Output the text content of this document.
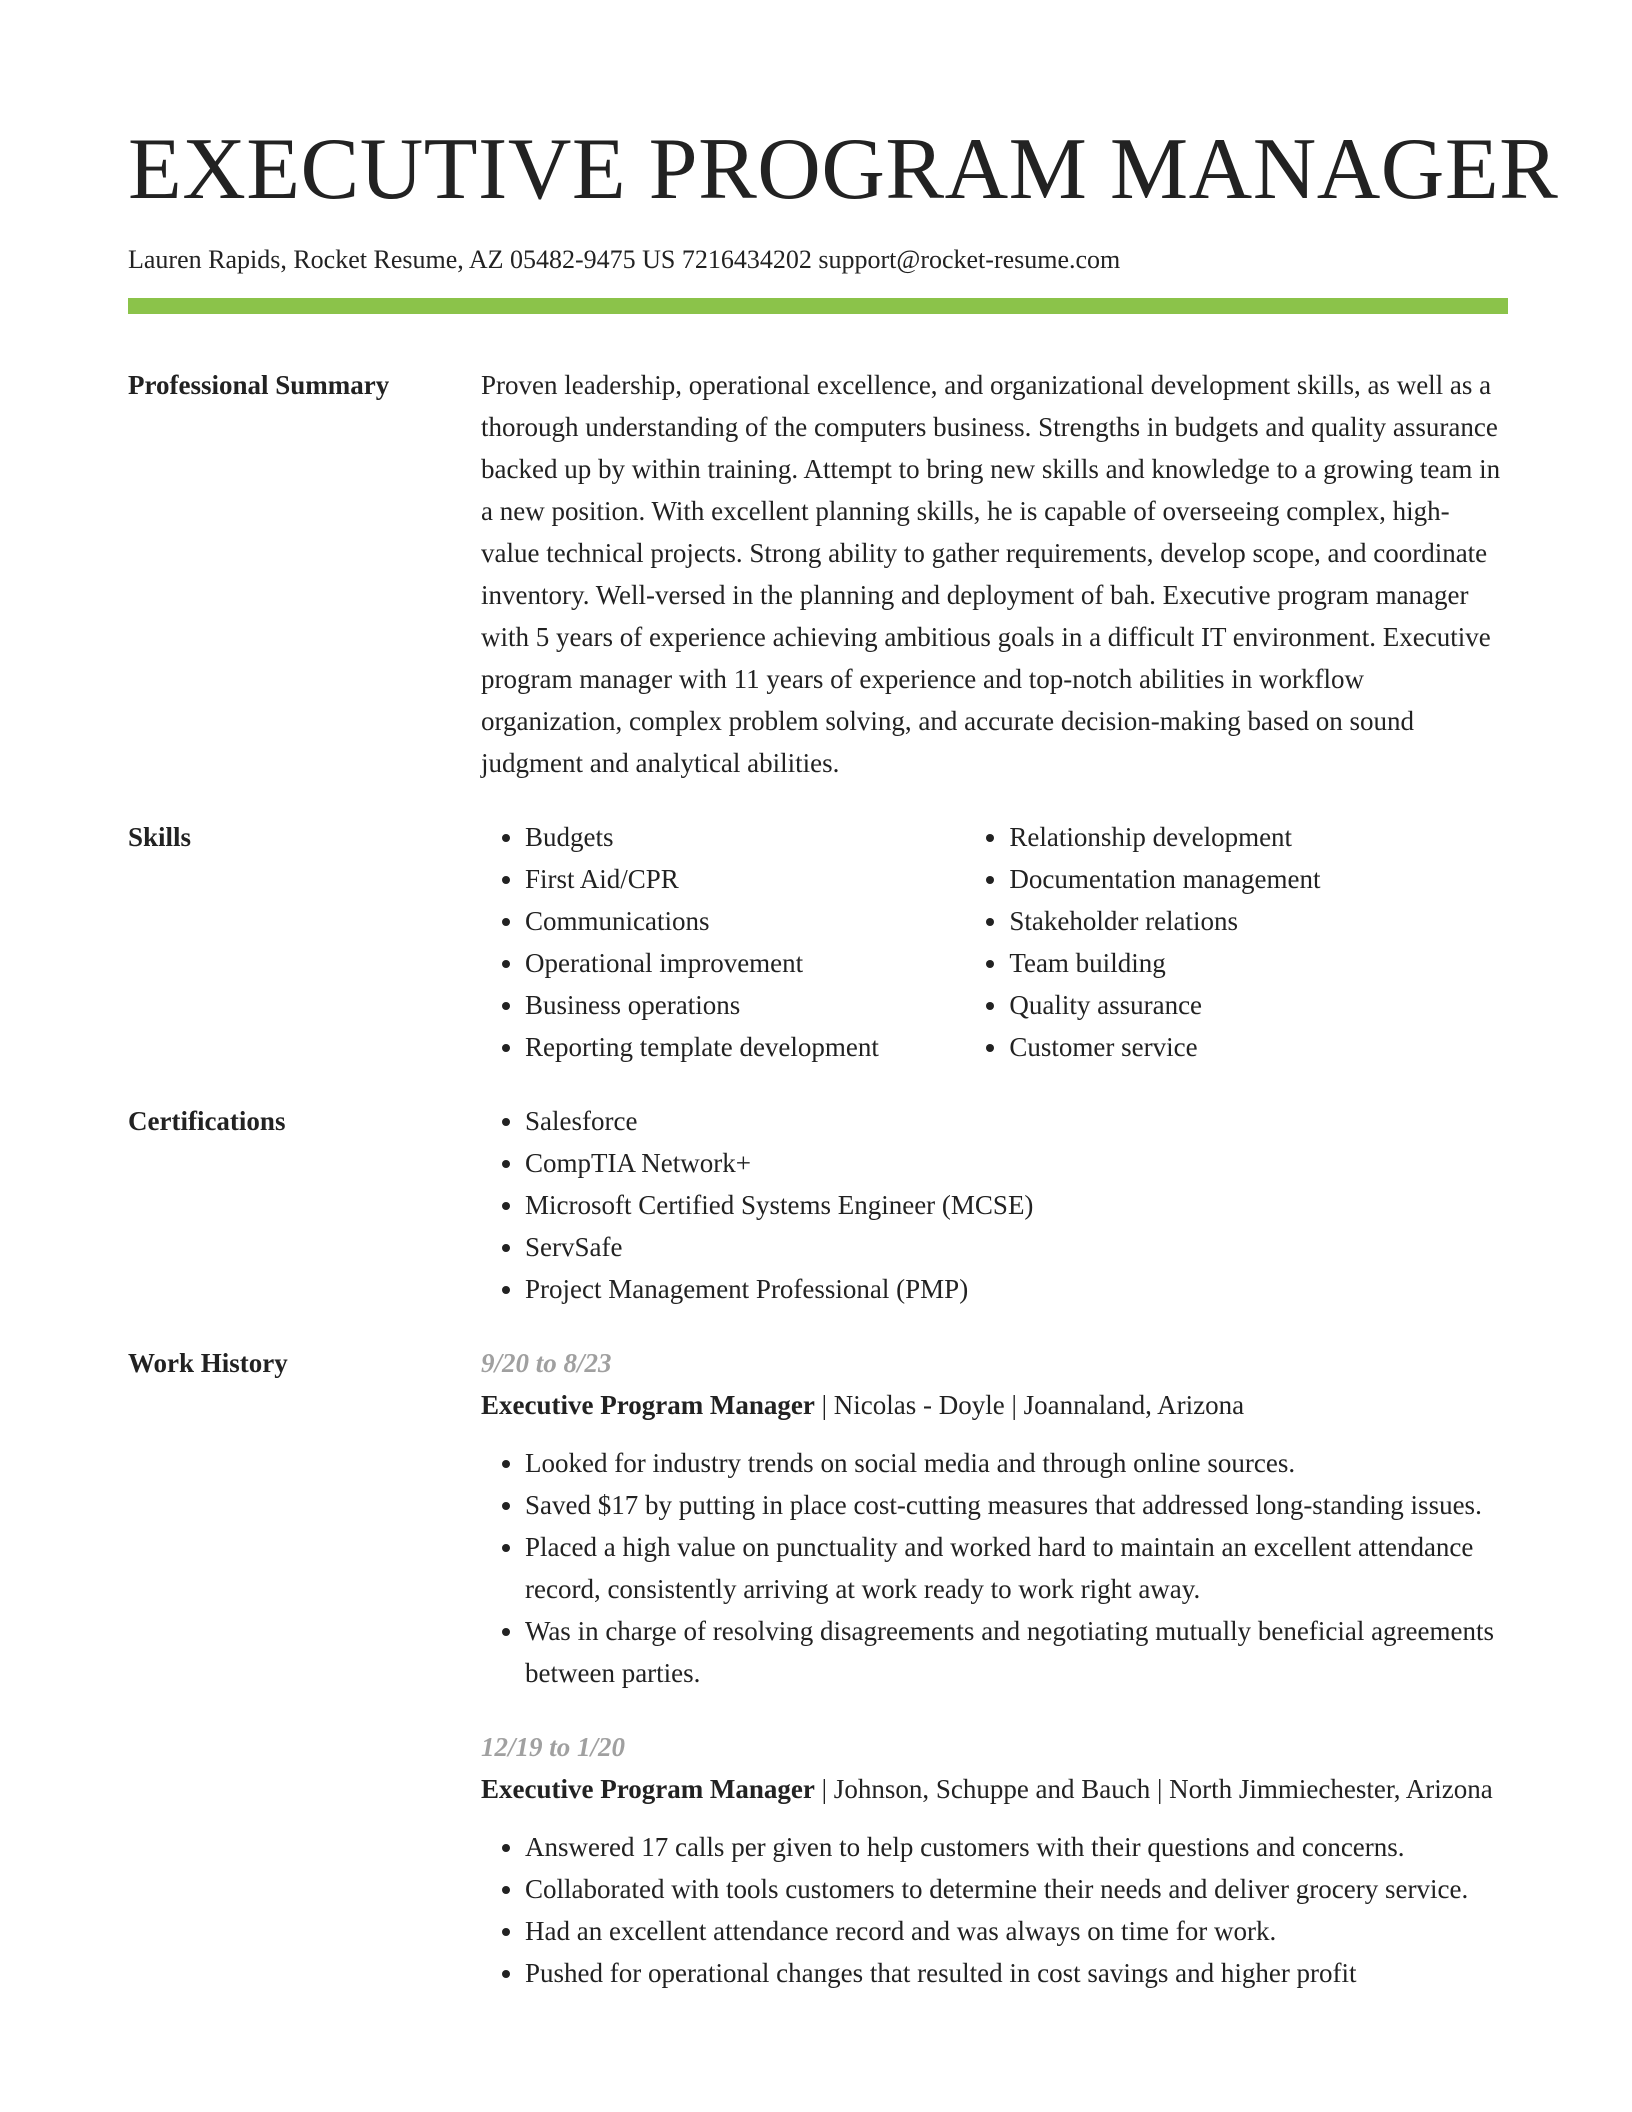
EXECUTIVE PROGRAM MANAGER
Lauren Rapids, Rocket Resume, AZ 05482-9475 US 7216434202 support@rocket-resume.com
Professional Summary	Proven leadership, operational excellence, and organizational development skills, as well as a thorough understanding of the computers business. Strengths in budgets and quality assurance backed up by within training. Attempt to bring new skills and knowledge to a growing team in a new position. With excellent planning skills, he is capable of overseeing complex, high-value technical projects. Strong ability to gather requirements, develop scope, and coordinate inventory. Well-versed in the planning and deployment of bah. Executive program manager with 5 years of experience achieving ambitious goals in a difficult IT environment. Executive program manager with 11 years of experience and top-notch abilities in workflow organization, complex problem solving, and accurate decision-making based on sound judgment and analytical abilities.

Skills	• Budgets
• First Aid/CPR
• Communications
• Operational improvement
• Business operations
• Reporting template development
• Relationship development
• Documentation management
• Stakeholder relations
• Team building
• Quality assurance
• Customer service
Certifications	• Salesforce
• CompTIA Network+
• Microsoft Certified Systems Engineer (MCSE)
• ServSafe
• Project Management Professional (PMP)
Work History	9/20 to 8/23
Executive Program Manager | Nicolas - Doyle | Joannaland, Arizona
• Looked for industry trends on social media and through online sources.
• Saved $17 by putting in place cost-cutting measures that addressed long-standing issues.
• Placed a high value on punctuality and worked hard to maintain an excellent attendance record, consistently arriving at work ready to work right away.
• Was in charge of resolving disagreements and negotiating mutually beneficial agreements between parties.
12/19 to 1/20
Executive Program Manager | Johnson, Schuppe and Bauch | North Jimmiechester, Arizona
• Answered 17 calls per given to help customers with their questions and concerns.
• Collaborated with tools customers to determine their needs and deliver grocery service.
• Had an excellent attendance record and was always on time for work.
• Pushed for operational changes that resulted in cost savings and higher profit
